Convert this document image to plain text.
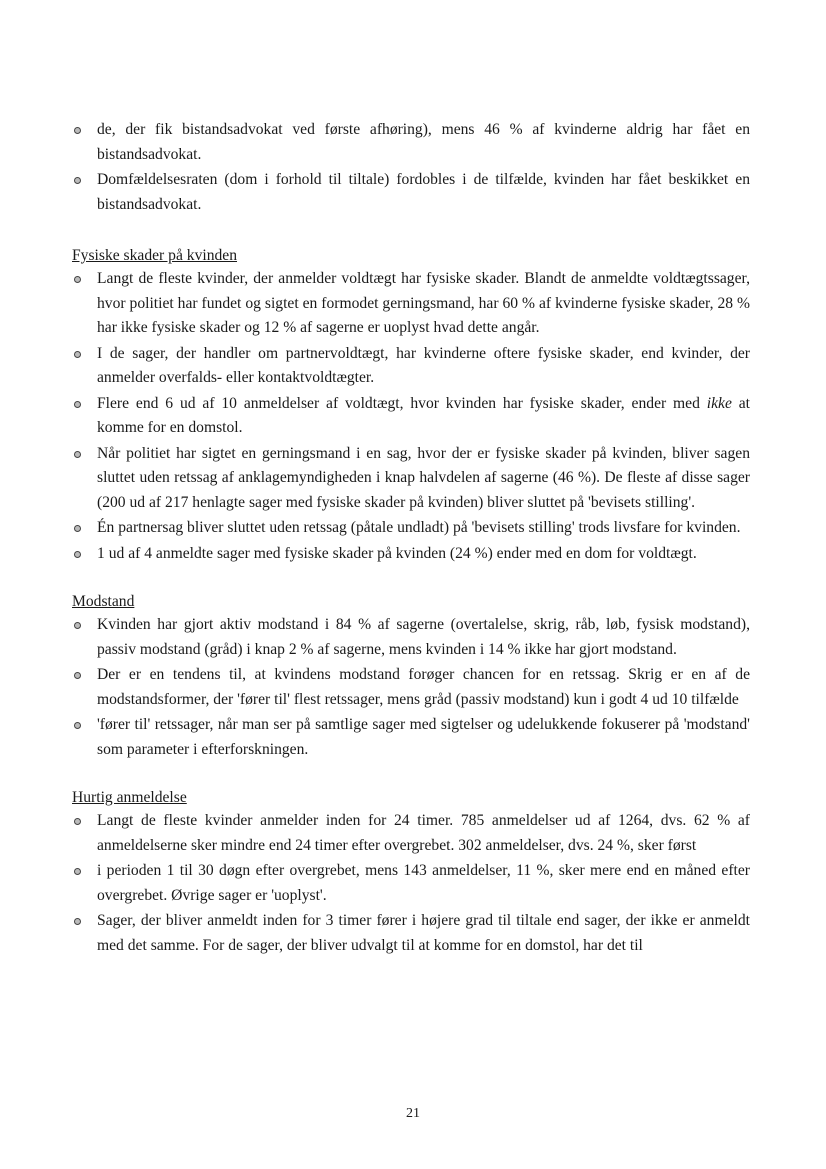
de, der fik bistandsadvokat ved første afhøring), mens 46 % af kvinderne aldrig har fået en bistandsadvokat.
Domfældelsesraten (dom i forhold til tiltale) fordobles i de tilfælde, kvinden har fået beskikket en bistandsadvokat.

Fysiske skader på kvinden

Langt de fleste kvinder, der anmelder voldtægt har fysiske skader. Blandt de anmeldte voldtægtssager, hvor politiet har fundet og sigtet en formodet gerningsmand, har 60 % af kvinderne fysiske skader, 28 % har ikke fysiske skader og 12 % af sagerne er uoplyst hvad dette angår.
I de sager, der handler om partnervoldtægt, har kvinderne oftere fysiske skader, end kvinder, der anmelder overfalds- eller kontaktvoldtægter.
Flere end 6 ud af 10 anmeldelser af voldtægt, hvor kvinden har fysiske skader, ender med ikke at komme for en domstol.
Når politiet har sigtet en gerningsmand i en sag, hvor der er fysiske skader på kvinden, bliver sagen sluttet uden retssag af anklagemyndigheden i knap halvdelen af sagerne (46 %). De fleste af disse sager (200 ud af 217 henlagte sager med fysiske skader på kvinden) bliver sluttet på 'bevisets stilling'.
Én partnersag bliver sluttet uden retssag (påtale undladt) på 'bevisets stilling' trods livsfare for kvinden.
1 ud af 4 anmeldte sager med fysiske skader på kvinden (24 %) ender med en dom for voldtægt.

Modstand

Kvinden har gjort aktiv modstand i 84 % af sagerne (overtalelse, skrig, råb, løb, fysisk modstand), passiv modstand (gråd) i knap 2 % af sagerne, mens kvinden i 14 % ikke har gjort modstand.
Der er en tendens til, at kvindens modstand forøger chancen for en retssag. Skrig er en af de modstandsformer, der 'fører til' flest retssager, mens gråd (passiv modstand) kun i godt 4 ud 10 tilfælde
'fører til' retssager, når man ser på samtlige sager med sigtelser og udelukkende fokuserer på 'modstand' som parameter i efterforskningen.

Hurtig anmeldelse

Langt de fleste kvinder anmelder inden for 24 timer. 785 anmeldelser ud af 1264, dvs. 62 % af anmeldelserne sker mindre end 24 timer efter overgrebet. 302 anmeldelser, dvs. 24 %, sker først
i perioden 1 til 30 døgn efter overgrebet, mens 143 anmeldelser, 11 %, sker mere end en måned efter overgrebet. Øvrige sager er 'uoplyst'.
Sager, der bliver anmeldt inden for 3 timer fører i højere grad til tiltale end sager, der ikke er anmeldt med det samme. For de sager, der bliver udvalgt til at komme for en domstol, har det til
21
